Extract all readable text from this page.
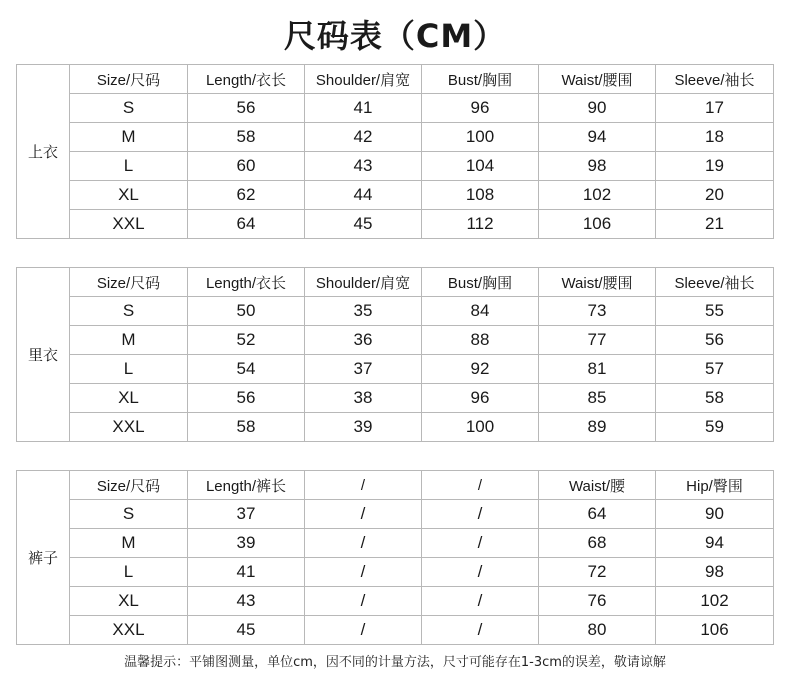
尺码表（CM）
上衣	Size/尺码	Length/衣长	Shoulder/肩宽	Bust/胸围	Waist/腰围	Sleeve/袖长
	S	56	41	96	90	17
	M	58	42	100	94	18
	L	60	43	104	98	19
	XL	62	44	108	102	20
	XXL	64	45	112	106	21
里衣	Size/尺码	Length/衣长	Shoulder/肩宽	Bust/胸围	Waist/腰围	Sleeve/袖长
	S	50	35	84	73	55
	M	52	36	88	77	56
	L	54	37	92	81	57
	XL	56	38	96	85	58
	XXL	58	39	100	89	59
裤子	Size/尺码	Length/裤长	/	/	Waist/腰	Hip/臀围
	S	37	/	/	64	90
	M	39	/	/	68	94
	L	41	/	/	72	98
	XL	43	/	/	76	102
	XXL	45	/	/	80	106
温馨提示：平铺图测量，单位cm，因不同的计量方法，尺寸可能存在1-3cm的误差，敬请谅解
